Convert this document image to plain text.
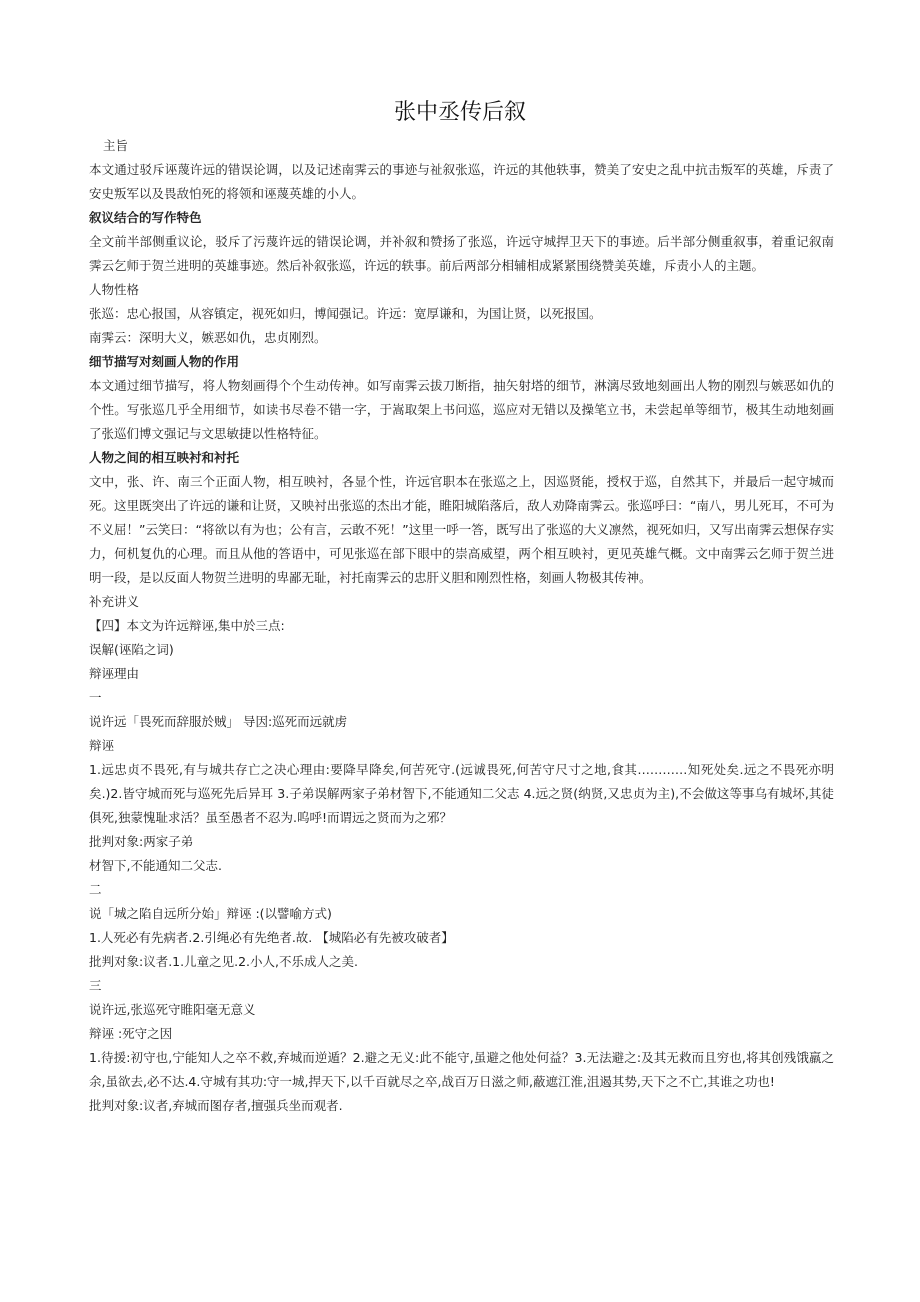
张中丞传后叙

主旨

本文通过驳斥诬蔑许远的错误论调，以及记述南霁云的事迹与祉叙张巡，许远的其他轶事，赞美了安史之乱中抗击叛军的英雄，斥责了安史叛军以及畏敌怕死的将领和诬蔑英雄的小人。

叙议结合的写作特色

全文前半部侧重议论，驳斥了污蔑许远的错误论调，并补叙和赞扬了张巡，许远守城捍卫天下的事迹。后半部分侧重叙事，着重记叙南霁云乞师于贺兰进明的英雄事迹。然后补叙张巡，许远的轶事。前后两部分相辅相成紧紧围绕赞美英雄，斥责小人的主题。

人物性格

张巡：忠心报国，从容镇定，视死如归，博闻强记。许远：宽厚谦和，为国让贤，以死报国。

南霁云：深明大义，嫉恶如仇，忠贞刚烈。

细节描写对刻画人物的作用

本文通过细节描写，将人物刻画得个个生动传神。如写南霁云拔刀断指，抽矢射塔的细节，淋漓尽致地刻画出人物的刚烈与嫉恶如仇的个性。写张巡几乎全用细节，如读书尽卷不错一字，于嵩取架上书问巡，巡应对无错以及操笔立书，未尝起单等细节，极其生动地刻画了张巡们博文强记与文思敏捷以性格特征。

人物之间的相互映衬和衬托

文中，张、许、南三个正面人物，相互映衬，各显个性，许远官职本在张巡之上，因巡贤能，授权于巡，自然其下，并最后一起守城而死。这里既突出了许远的谦和让贤，又映衬出张巡的杰出才能，睢阳城陷落后，敌人劝降南霁云。张巡呼曰：“南八，男儿死耳，不可为不义屈！”云笑曰：“将欲以有为也；公有言，云敢不死！”这里一呼一答，既写出了张巡的大义凛然，视死如归，又写出南霁云想保存实力，何机复仇的心理。而且从他的答语中，可见张巡在部下眼中的崇高威望，两个相互映衬，更见英雄气概。文中南霁云乞师于贺兰进明一段，是以反面人物贺兰进明的卑鄙无耻，衬托南霁云的忠肝义胆和刚烈性格，刻画人物极其传神。

补充讲义

【四】本文为许远辩诬,集中於三点:

误解(诬陷之词)

辩诬理由

一

说许远「畏死而辞服於贼」 导因:巡死而远就虏

辩诬

1.远忠贞不畏死,有与城共存亡之决心理由:要降早降矣,何苦死守.(远诚畏死,何苦守尺寸之地,食其…………知死处矣.远之不畏死亦明矣.)2.皆守城而死与巡死先后异耳 3.子弟误解两家子弟材智下,不能通知二父志 4.远之贤(纳贤,又忠贞为主),不会做这等事乌有城坏,其徒俱死,独蒙愧耻求活？虽至愚者不忍为.呜呼!而谓远之贤而为之邪？

批判对象:两家子弟

材智下,不能通知二父志.

二

说「城之陷自远所分始」辩诬 :(以譬喻方式)

1.人死必有先病者.2.引绳必有先绝者.故. 【城陷必有先被攻破者】

批判对象:议者.1.儿童之见.2.小人,不乐成人之美.

三

说许远,张巡死守睢阳毫无意义

辩诬 :死守之因

1.待援:初守也,宁能知人之卒不救,弃城而逆遁？2.避之无义:此不能守,虽避之他处何益？3.无法避之:及其无救而且穷也,将其创残饿羸之余,虽欲去,必不达.4.守城有其功:守一城,捍天下,以千百就尽之卒,战百万日滋之师,蔽遮江淮,沮遏其势,天下之不亡,其谁之功也!

批判对象:议者,弃城而图存者,擅强兵坐而观者.
